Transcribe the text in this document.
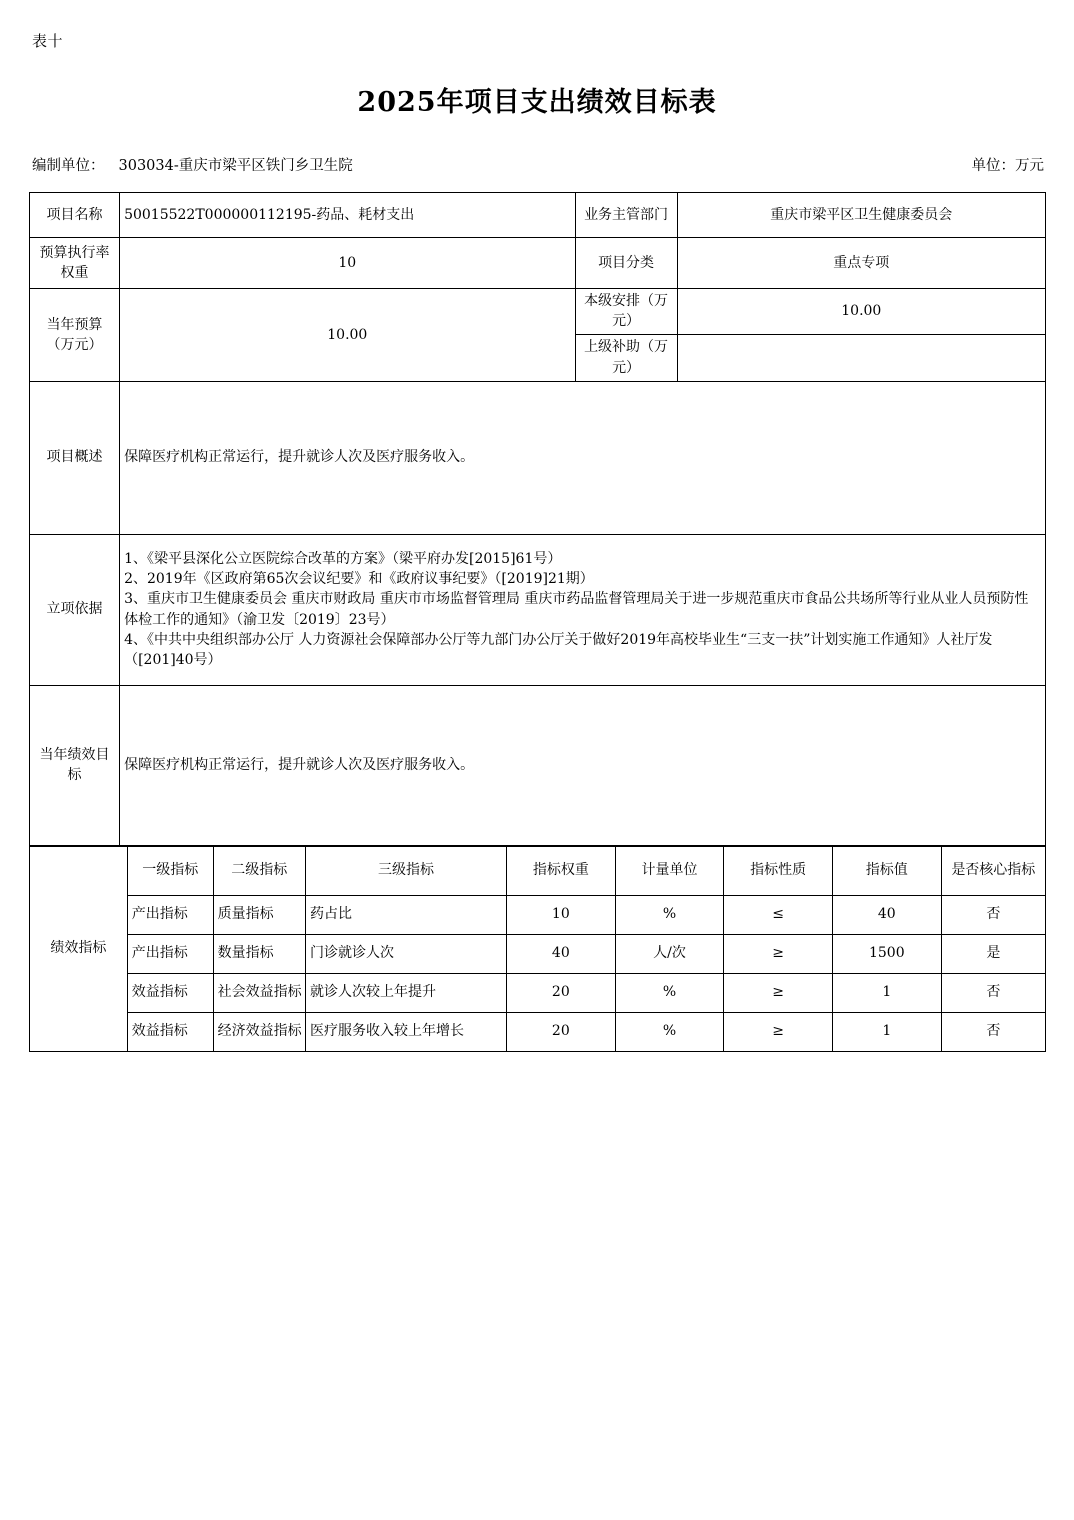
表十
2025年项目支出绩效目标表
编制单位： 303034-重庆市梁平区铁门乡卫生院	单位：万元
项目名称	50015522T000000112195-药品、耗材支出	业务主管部门	重庆市梁平区卫生健康委员会
预算执行率权重	10	项目分类	重点专项
当年预算（万元）	10.00	本级安排（万元）	10.00
		上级补助（万元）	
项目概述	保障医疗机构正常运行，提升就诊人次及医疗服务收入。		
立项依据	1、《梁平县深化公立医院综合改革的方案》（梁平府办发[2015]61号）

2、2019年《区政府第65次会议纪要》和《政府议事纪要》（[2019]21期）

3、重庆市卫生健康委员会 重庆市财政局 重庆市市场监督管理局 重庆市药品监督管理局关于进一步规范重庆市食品公共场所等行业从业人员预防性体检工作的通知》（渝卫发〔2019〕23号）

4、《中共中央组织部办公厅 人力资源社会保障部办公厅等九部门办公厅关于做好2019年高校毕业生“三支一扶”计划实施工作通知》人社厅发（[201]40号）		

当年绩效目标	保障医疗机构正常运行，提升就诊人次及医疗服务收入。		
绩效指标	一级指标	二级指标	三级指标	指标权重	计量单位	指标性质	指标值	是否核心指标
	产出指标	质量指标	药占比	10	%	≤	40	否
	产出指标	数量指标	门诊就诊人次	40	人/次	≥	1500	是
	效益指标	社会效益指标	就诊人次较上年提升	20	%	≥	1	否
	效益指标	经济效益指标	医疗服务收入较上年增长	20	%	≥	1	否
